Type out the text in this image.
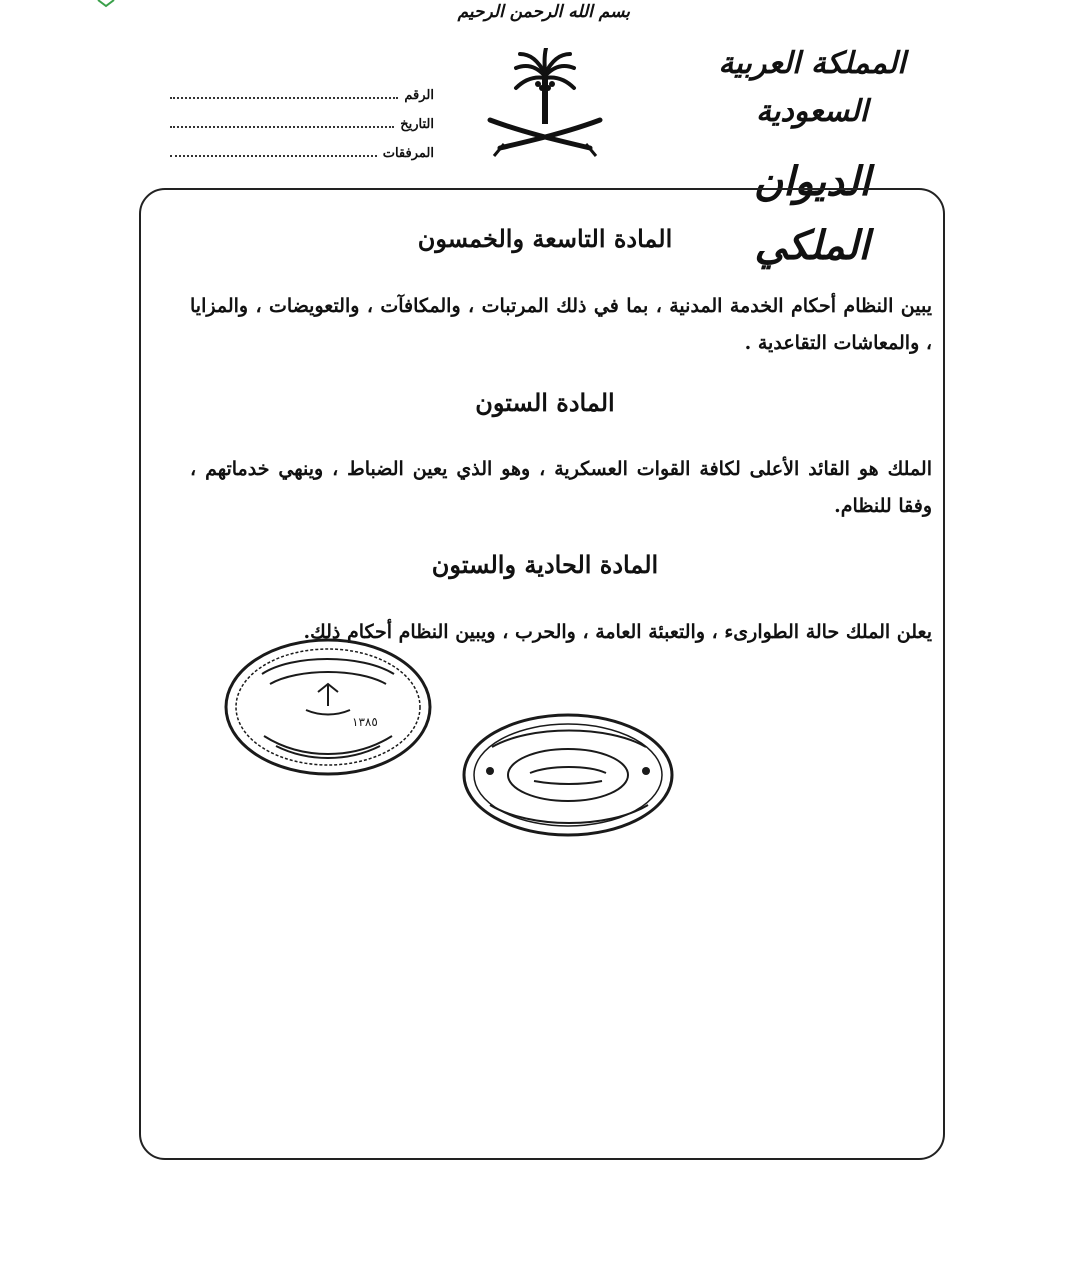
بسم الله الرحمن الرحيم
المملكة العربية السعودية
الديوان الملكي
الرقم
التاريخ
المرفقات
المادة التاسعة والخمسون
يبين النظام أحكام الخدمة المدنية ، بما في ذلك المرتبات ، والمكافآت ، والتعويضات ، والمزايا ، والمعاشات التقاعدية .
المادة الستون
الملك هو القائد الأعلى لكافة القوات العسكرية ، وهو الذي يعين الضباط ، وينهي خدماتهم ، وفقا للنظام.
المادة الحادية والستون
يعلن الملك حالة الطوارىء ، والتعبئة العامة ، والحرب ، ويبين النظام أحكام ذلك.
١٣٨٥
